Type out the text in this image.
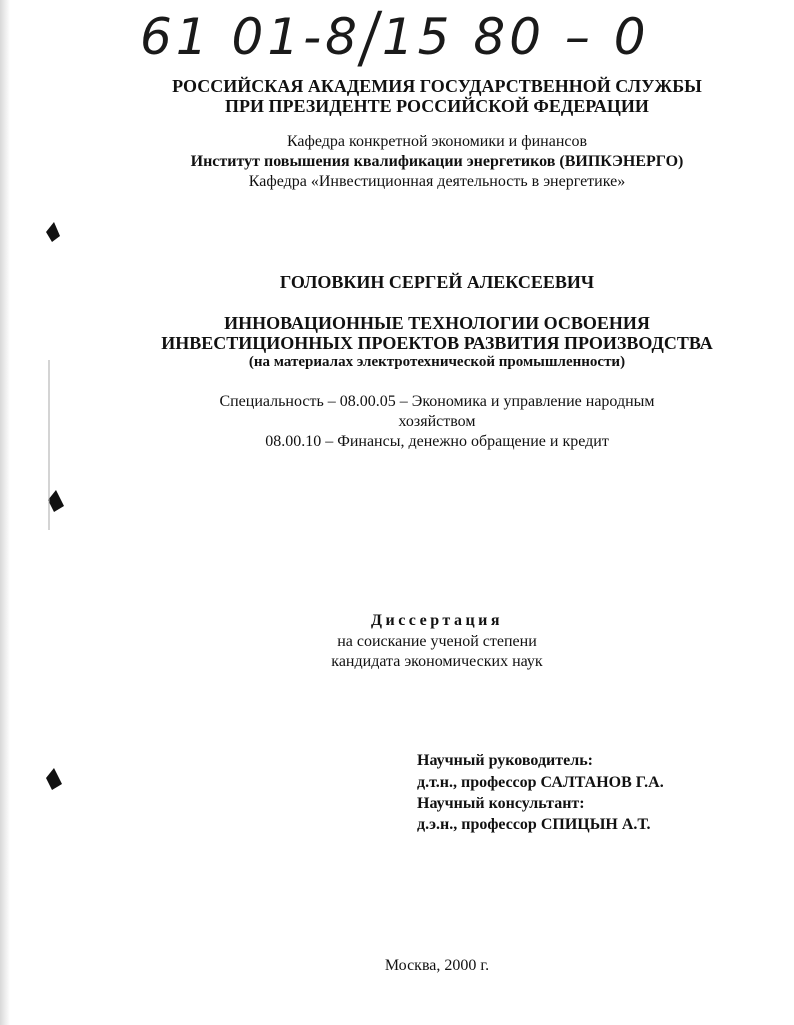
61 01-8/15 80 – 0
РОССИЙСКАЯ АКАДЕМИЯ ГОСУДАРСТВЕННОЙ СЛУЖБЫ
ПРИ ПРЕЗИДЕНТЕ РОССИЙСКОЙ ФЕДЕРАЦИИ
Кафедра конкретной экономики и финансов
Институт повышения квалификации энергетиков (ВИПКЭНЕРГО)
Кафедра «Инвестиционная деятельность в энергетике»
ГОЛОВКИН СЕРГЕЙ АЛЕКСЕЕВИЧ
ИННОВАЦИОННЫЕ ТЕХНОЛОГИИ ОСВОЕНИЯ
ИНВЕСТИЦИОННЫХ ПРОЕКТОВ РАЗВИТИЯ ПРОИЗВОДСТВА
(на материалах электротехнической промышленности)
Специальность – 08.00.05 – Экономика и управление народным
хозяйством
08.00.10 – Финансы, денежно обращение и кредит
Диссертация
на соискание ученой степени
кандидата экономических наук
Научный руководитель:
д.т.н., профессор САЛТАНОВ Г.А.
Научный консультант:
д.э.н., профессор СПИЦЫН А.Т.
Москва, 2000 г.
